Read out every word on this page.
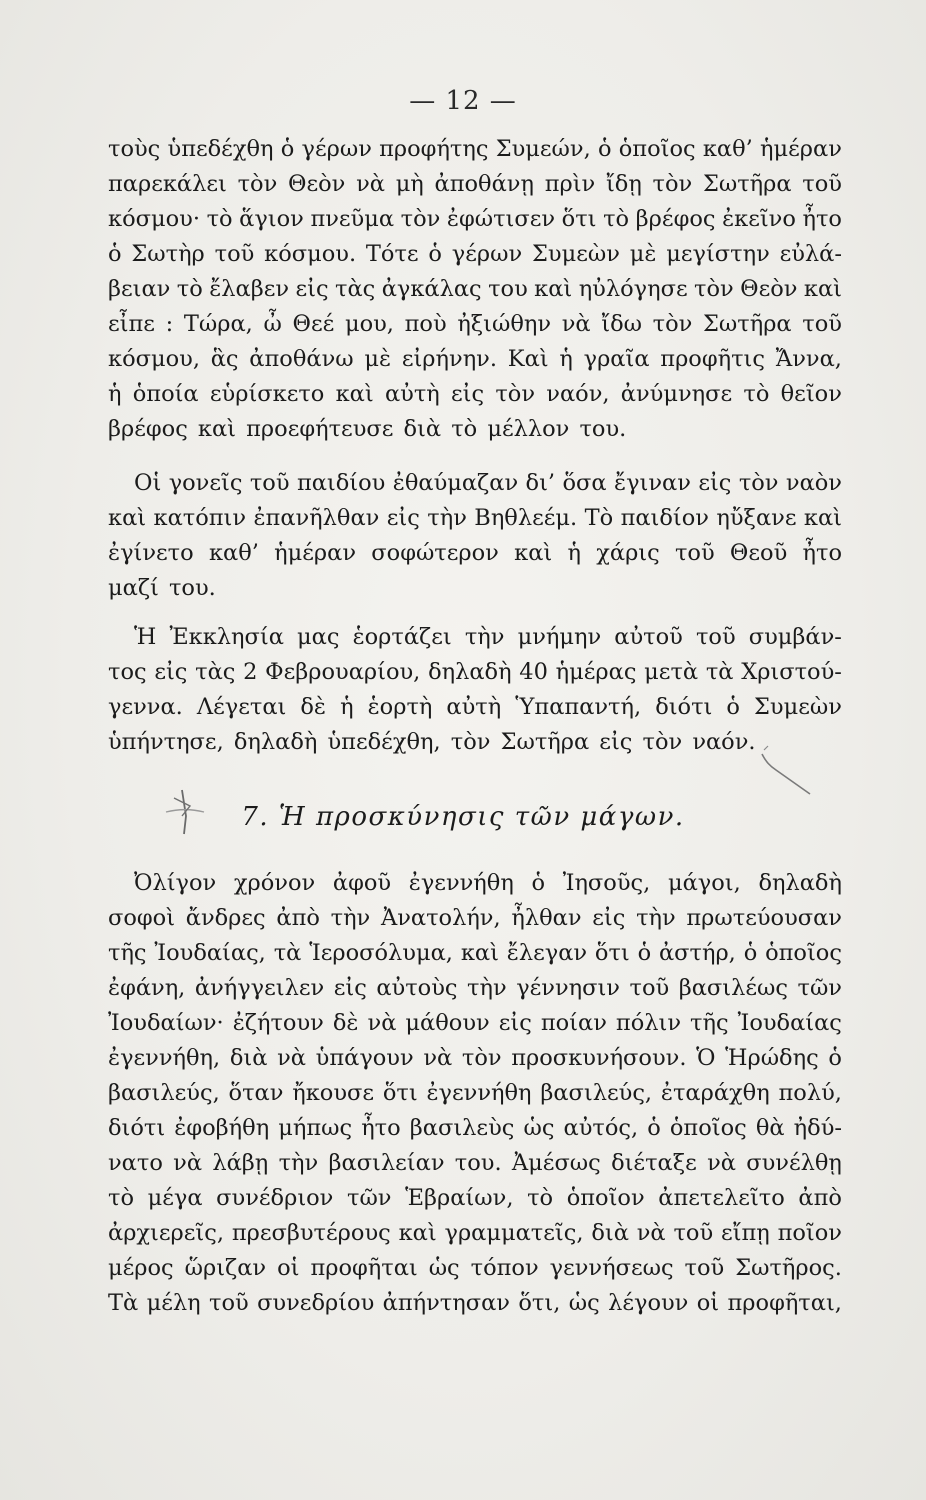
— 12 —
τοὺς ὑπεδέχθη ὁ γέρων προφήτης Συμεών, ὁ ὁποῖος καθ’ ἡμέραν
παρεκάλει τὸν Θεὸν νὰ μὴ ἀποθάνῃ πρὶν ἴδῃ τὸν Σωτῆρα τοῦ
κόσμου· τὸ ἅγιον πνεῦμα τὸν ἐφώτισεν ὅτι τὸ βρέφος ἐκεῖνο ἦτο
ὁ Σωτὴρ τοῦ κόσμου. Τότε ὁ γέρων Συμεὼν μὲ μεγίστην εὐλά-
βειαν τὸ ἔλαβεν εἰς τὰς ἀγκάλας του καὶ ηὐλόγησε τὸν Θεὸν καὶ
εἶπε : Τώρα, ὦ Θεέ μου, ποὺ ἠξιώθην νὰ ἴδω τὸν Σωτῆρα τοῦ
κόσμου, ἃς ἀποθάνω μὲ εἰρήνην. Καὶ ἡ γραῖα προφῆτις Ἄννα,
ἡ ὁποία εὑρίσκετο καὶ αὐτὴ εἰς τὸν ναόν, ἀνύμνησε τὸ θεῖον
βρέφος καὶ προεφήτευσε διὰ τὸ μέλλον του.
Οἱ γονεῖς τοῦ παιδίου ἐθαύμαζαν δι’ ὅσα ἔγιναν εἰς τὸν ναὸν
καὶ κατόπιν ἐπανῆλθαν εἰς τὴν Βηθλεέμ. Τὸ παιδίον ηὔξανε καὶ
ἐγίνετο καθ’ ἡμέραν σοφώτερον καὶ ἡ χάρις τοῦ Θεοῦ ἦτο
μαζί του.
Ἡ Ἐκκλησία μας ἑορτάζει τὴν μνήμην αὐτοῦ τοῦ συμβάν-
τος εἰς τὰς 2 Φεβρουαρίου, δηλαδὴ 40 ἡμέρας μετὰ τὰ Χριστού-
γεννα. Λέγεται δὲ ἡ ἑορτὴ αὐτὴ Ὑπαπαντή, διότι ὁ Συμεὼν
ὑπήντησε, δηλαδὴ ὑπεδέχθη, τὸν Σωτῆρα εἰς τὸν ναόν.
7. Ἡ προσκύνησις τῶν μάγων.
Ὀλίγον χρόνον ἀφοῦ ἐγεννήθη ὁ Ἰησοῦς, μάγοι, δηλαδὴ
σοφοὶ ἄνδρες ἀπὸ τὴν Ἀνατολήν, ἦλθαν εἰς τὴν πρωτεύουσαν
τῆς Ἰουδαίας, τὰ Ἱεροσόλυμα, καὶ ἔλεγαν ὅτι ὁ ἀστήρ, ὁ ὁποῖος
ἐφάνη, ἀνήγγειλεν εἰς αὐτοὺς τὴν γέννησιν τοῦ βασιλέως τῶν
Ἰουδαίων· ἐζήτουν δὲ νὰ μάθουν εἰς ποίαν πόλιν τῆς Ἰουδαίας
ἐγεννήθη, διὰ νὰ ὑπάγουν νὰ τὸν προσκυνήσουν. Ὁ Ἡρώδης ὁ
βασιλεύς, ὅταν ἤκουσε ὅτι ἐγεννήθη βασιλεύς, ἐταράχθη πολύ,
διότι ἐφοβήθη μήπως ἦτο βασιλεὺς ὡς αὐτός, ὁ ὁποῖος θὰ ἠδύ-
νατο νὰ λάβῃ τὴν βασιλείαν του. Ἀμέσως διέταξε νὰ συνέλθῃ
τὸ μέγα συνέδριον τῶν Ἑβραίων, τὸ ὁποῖον ἀπετελεῖτο ἀπὸ
ἀρχιερεῖς, πρεσβυτέρους καὶ γραμματεῖς, διὰ νὰ τοῦ εἴπῃ ποῖον
μέρος ὥριζαν οἱ προφῆται ὡς τόπον γεννήσεως τοῦ Σωτῆρος.
Τὰ μέλη τοῦ συνεδρίου ἀπήντησαν ὅτι, ὡς λέγουν οἱ προφῆται,
